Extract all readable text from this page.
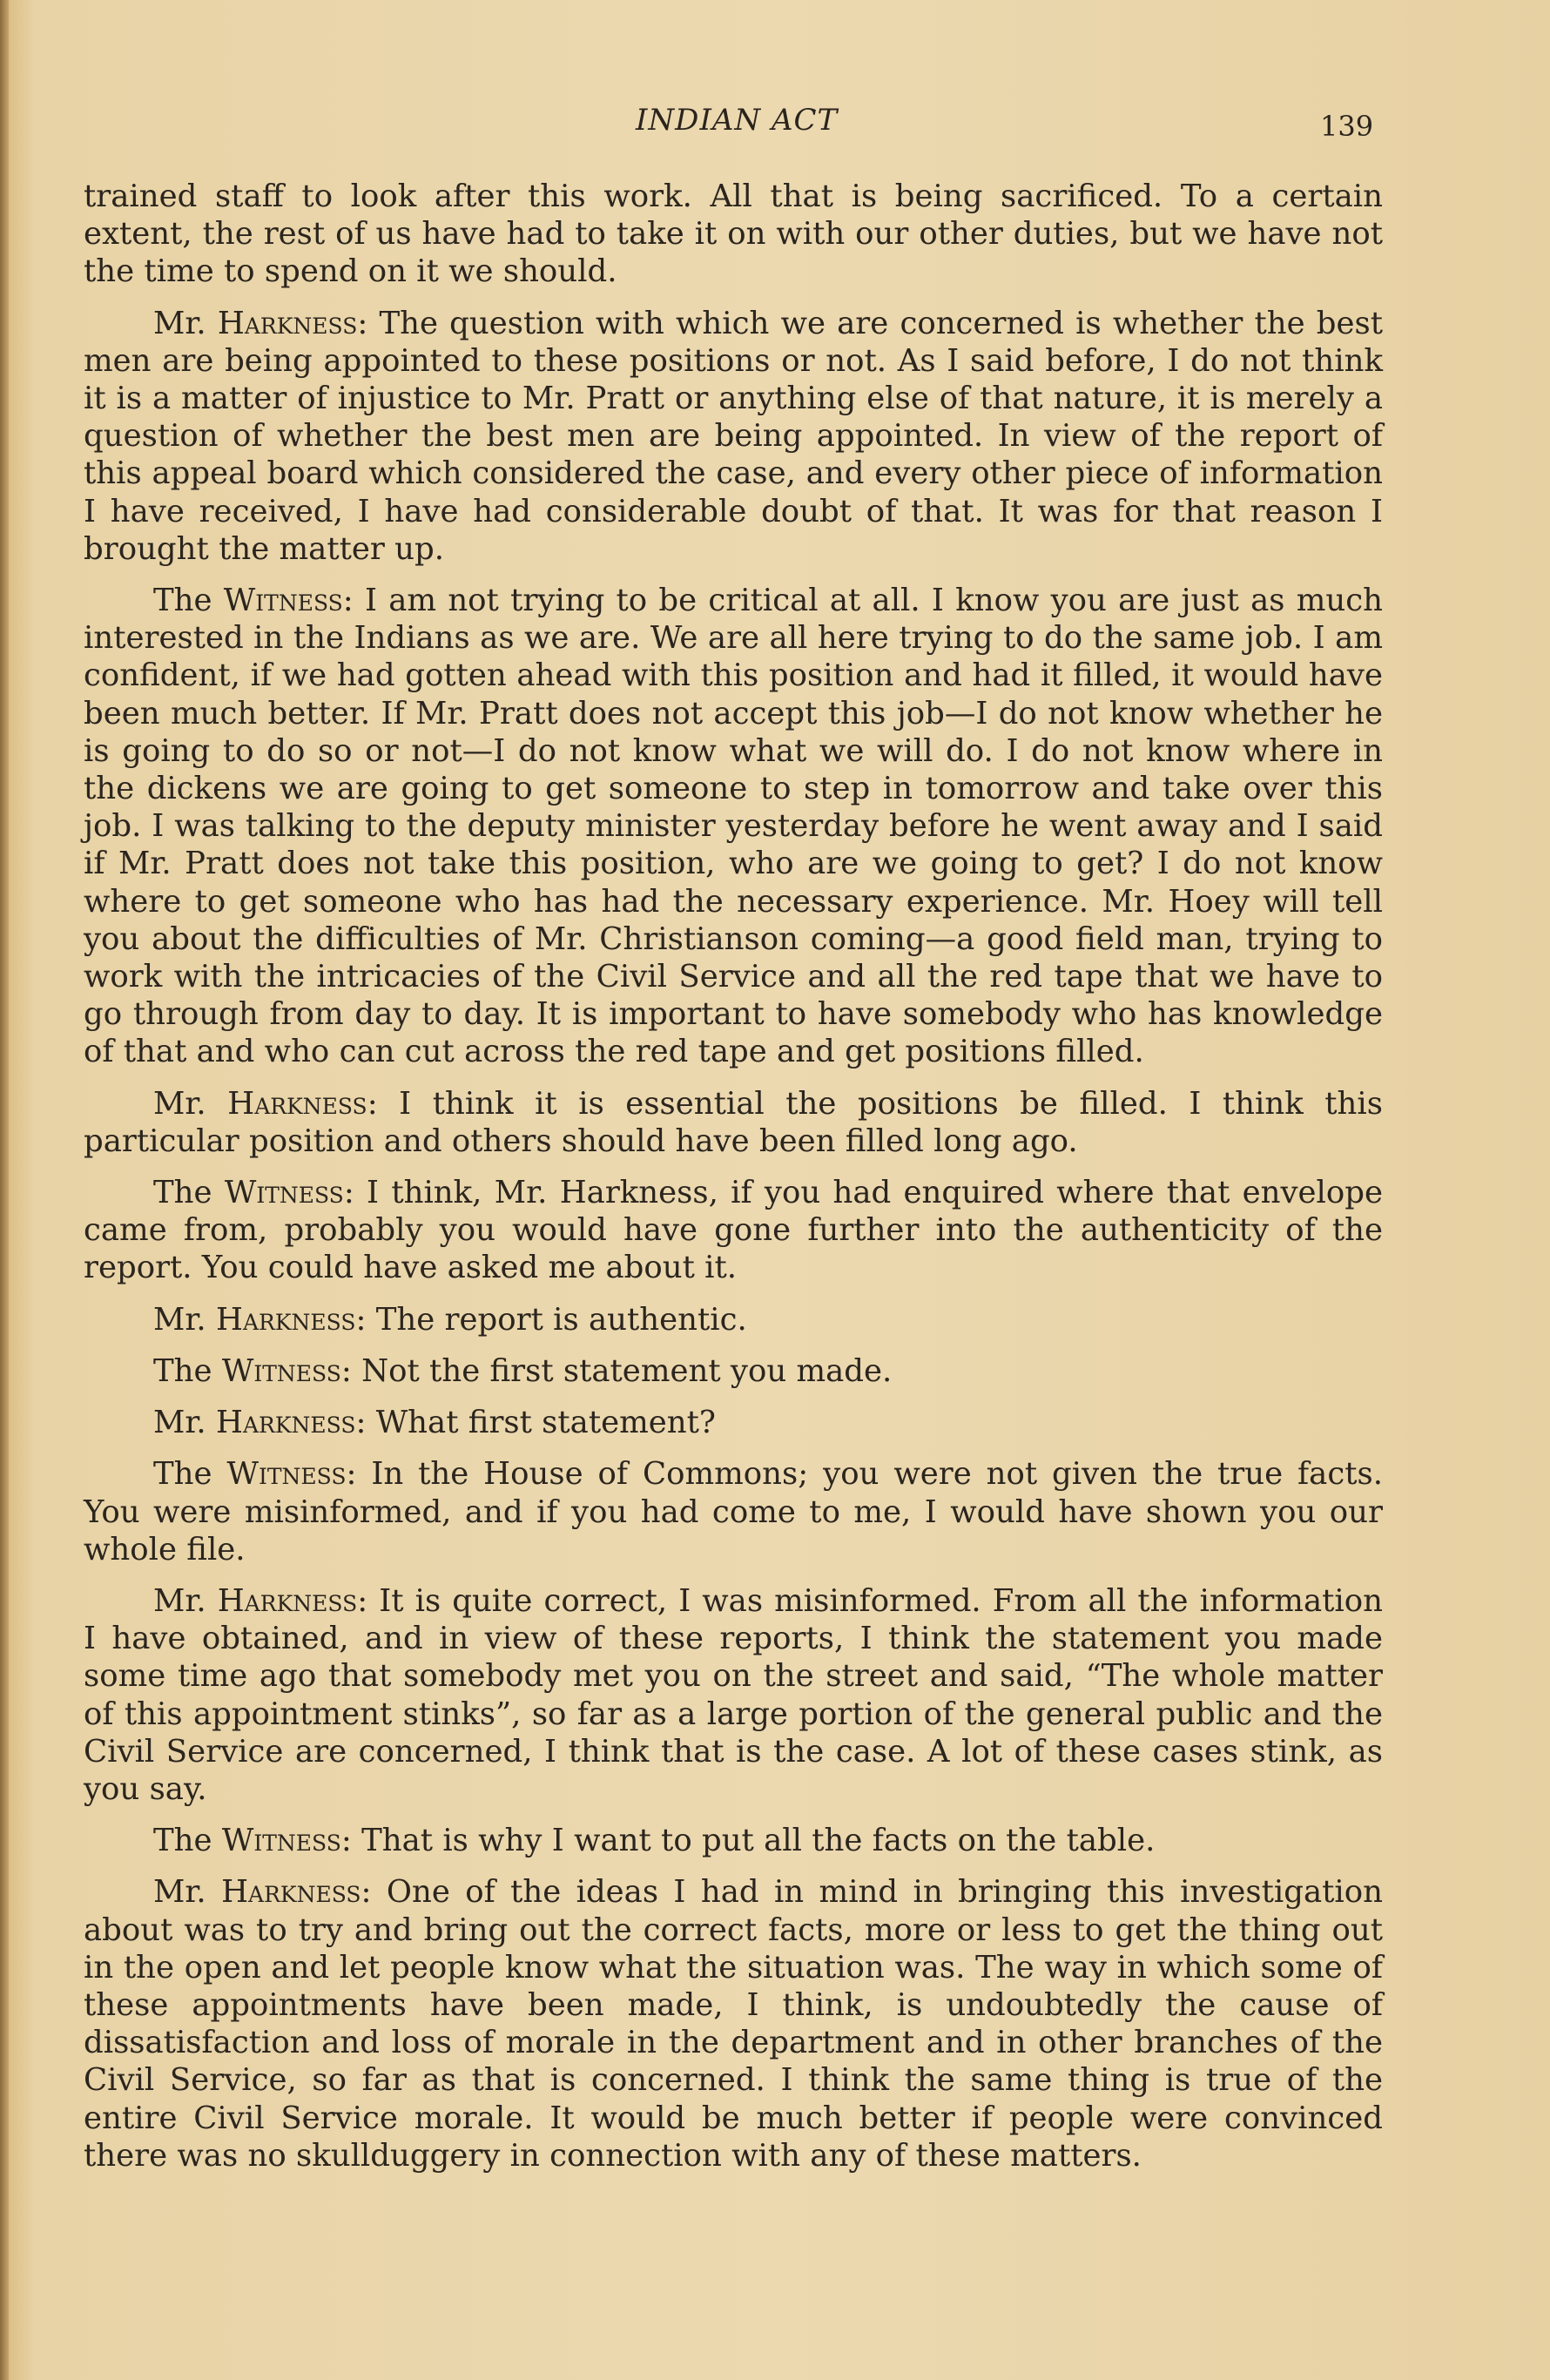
INDIAN ACT	139

trained staff to look after this work. All that is being sacrificed. To a certain extent, the rest of us have had to take it on with our other duties, but we have not the time to spend on it we should.

Mr. Harkness: The question with which we are concerned is whether the best men are being appointed to these positions or not. As I said before, I do not think it is a matter of injustice to Mr. Pratt or anything else of that nature, it is merely a question of whether the best men are being appointed. In view of the report of this appeal board which considered the case, and every other piece of information I have received, I have had considerable doubt of that. It was for that reason I brought the matter up.

The Witness: I am not trying to be critical at all. I know you are just as much interested in the Indians as we are. We are all here trying to do the same job. I am confident, if we had gotten ahead with this position and had it filled, it would have been much better. If Mr. Pratt does not accept this job—I do not know whether he is going to do so or not—I do not know what we will do. I do not know where in the dickens we are going to get someone to step in tomorrow and take over this job. I was talking to the deputy minister yesterday before he went away and I said if Mr. Pratt does not take this position, who are we going to get? I do not know where to get someone who has had the necessary experience. Mr. Hoey will tell you about the difficulties of Mr. Christianson coming—a good field man, trying to work with the intricacies of the Civil Service and all the red tape that we have to go through from day to day. It is important to have somebody who has knowledge of that and who can cut across the red tape and get positions filled.

Mr. Harkness: I think it is essential the positions be filled. I think this particular position and others should have been filled long ago.

The Witness: I think, Mr. Harkness, if you had enquired where that envelope came from, probably you would have gone further into the authenticity of the report. You could have asked me about it.

Mr. Harkness: The report is authentic.

The Witness: Not the first statement you made.

Mr. Harkness: What first statement?

The Witness: In the House of Commons; you were not given the true facts. You were misinformed, and if you had come to me, I would have shown you our whole file.

Mr. Harkness: It is quite correct, I was misinformed. From all the information I have obtained, and in view of these reports, I think the statement you made some time ago that somebody met you on the street and said, “The whole matter of this appointment stinks”, so far as a large portion of the general public and the Civil Service are concerned, I think that is the case. A lot of these cases stink, as you say.

The Witness: That is why I want to put all the facts on the table.

Mr. Harkness: One of the ideas I had in mind in bringing this investigation about was to try and bring out the correct facts, more or less to get the thing out in the open and let people know what the situation was. The way in which some of these appointments have been made, I think, is undoubtedly the cause of dissatisfaction and loss of morale in the department and in other branches of the Civil Service, so far as that is concerned. I think the same thing is true of the entire Civil Service morale. It would be much better if people were convinced there was no skullduggery in connection with any of these matters.
